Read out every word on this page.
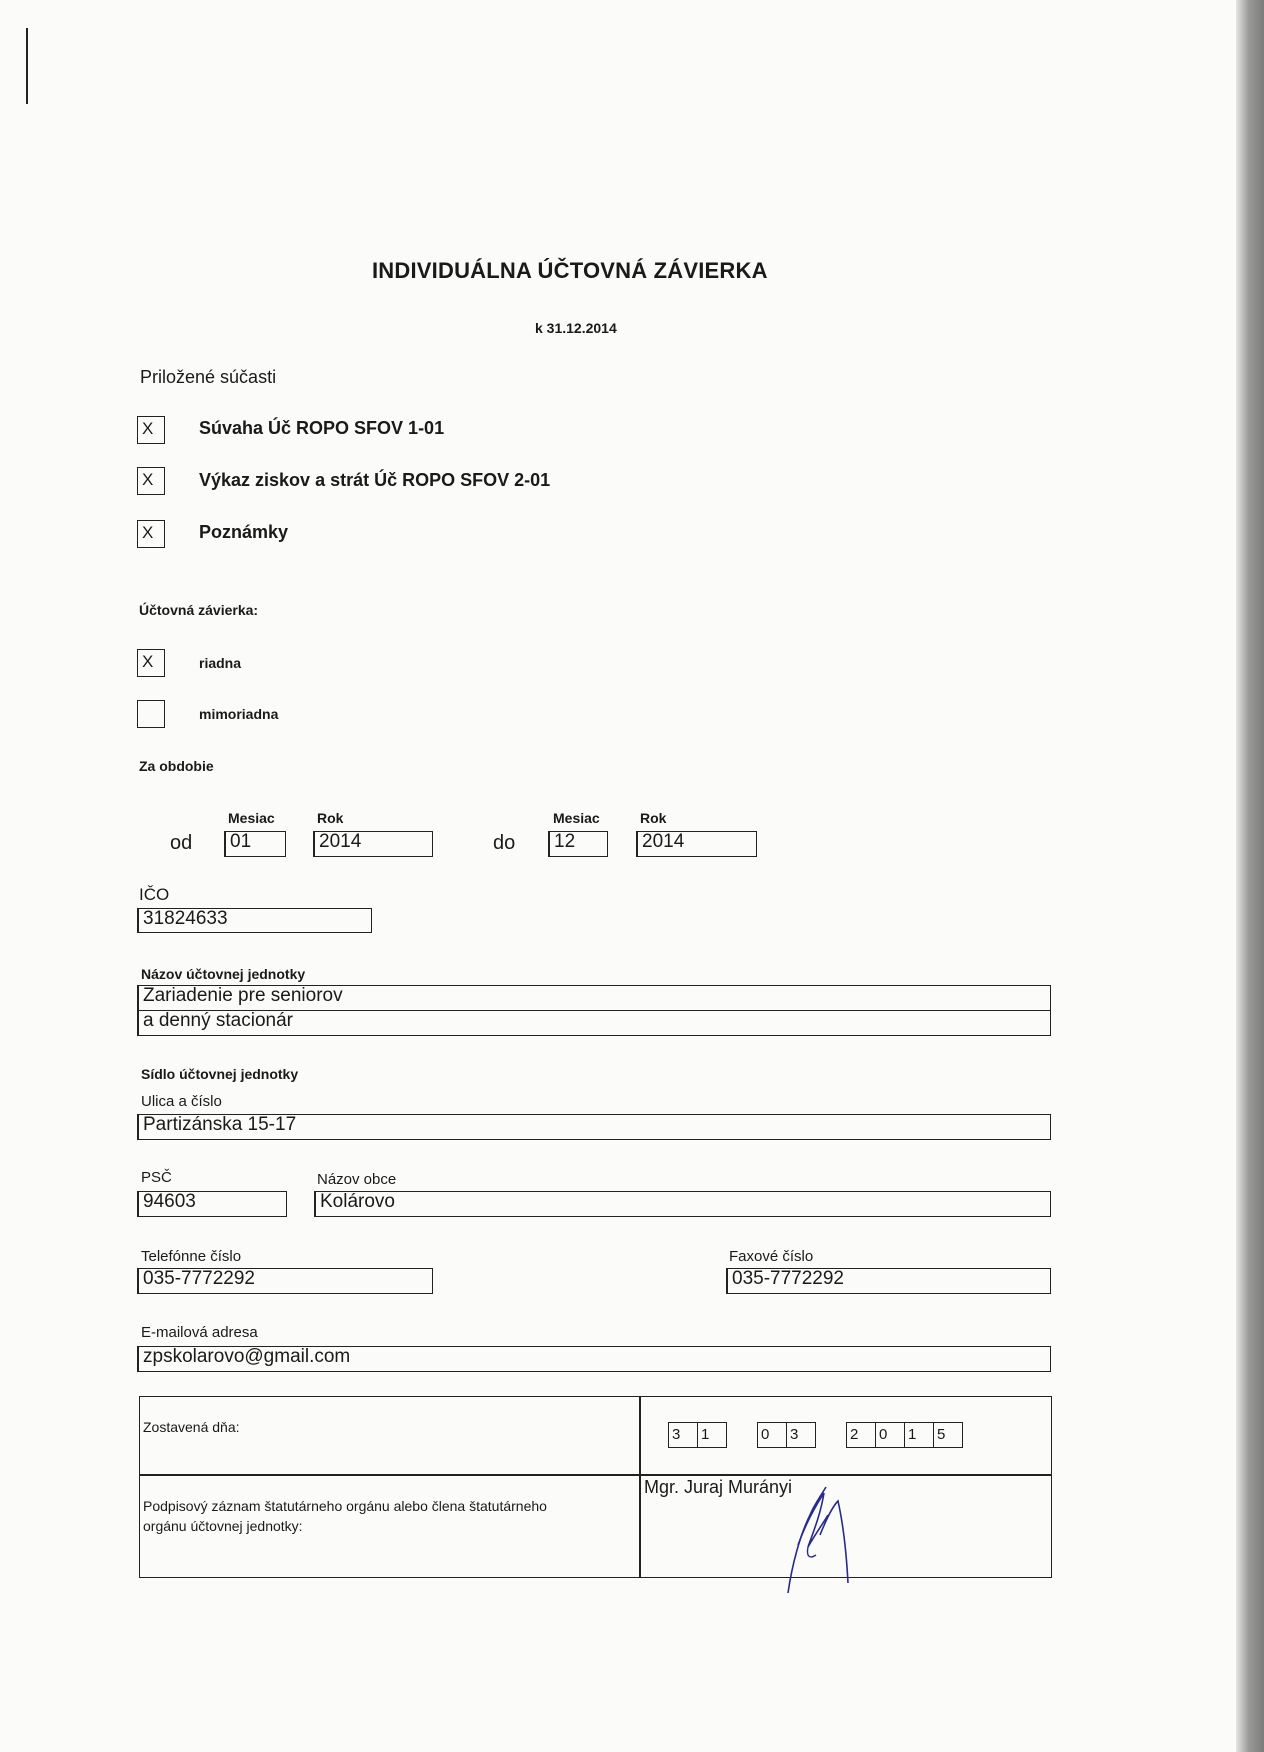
INDIVIDUÁLNA ÚČTOVNÁ ZÁVIERKA
k 31.12.2014
Priložené súčasti
X	Súvaha Úč ROPO SFOV 1-01
X	Výkaz ziskov a strát Úč ROPO SFOV 2-01
X	Poznámky
Účtovná závierka:
X	riadna
mimoriadna
Za obdobie
Mesiac	Rok	Mesiac	Rok
od	01	2014	do	12	2014
IČO
31824633
Názov účtovnej jednotky
Zariadenie pre seniorov
a denný stacionár
Sídlo účtovnej jednotky
Ulica a číslo
Partizánska 15-17
PSČ
94603
Názov obce
Kolárovo
Telefónne číslo
035-7772292
Faxové číslo
035-7772292
E-mailová adresa
zpskolarovo@gmail.com
Zostavená dňa:	3	1	0	3	2	0	1	5
Podpisový záznam štatutárneho orgánu alebo člena štatutárneho
orgánu účtovnej jednotky:
Mgr. Juraj Murányi
